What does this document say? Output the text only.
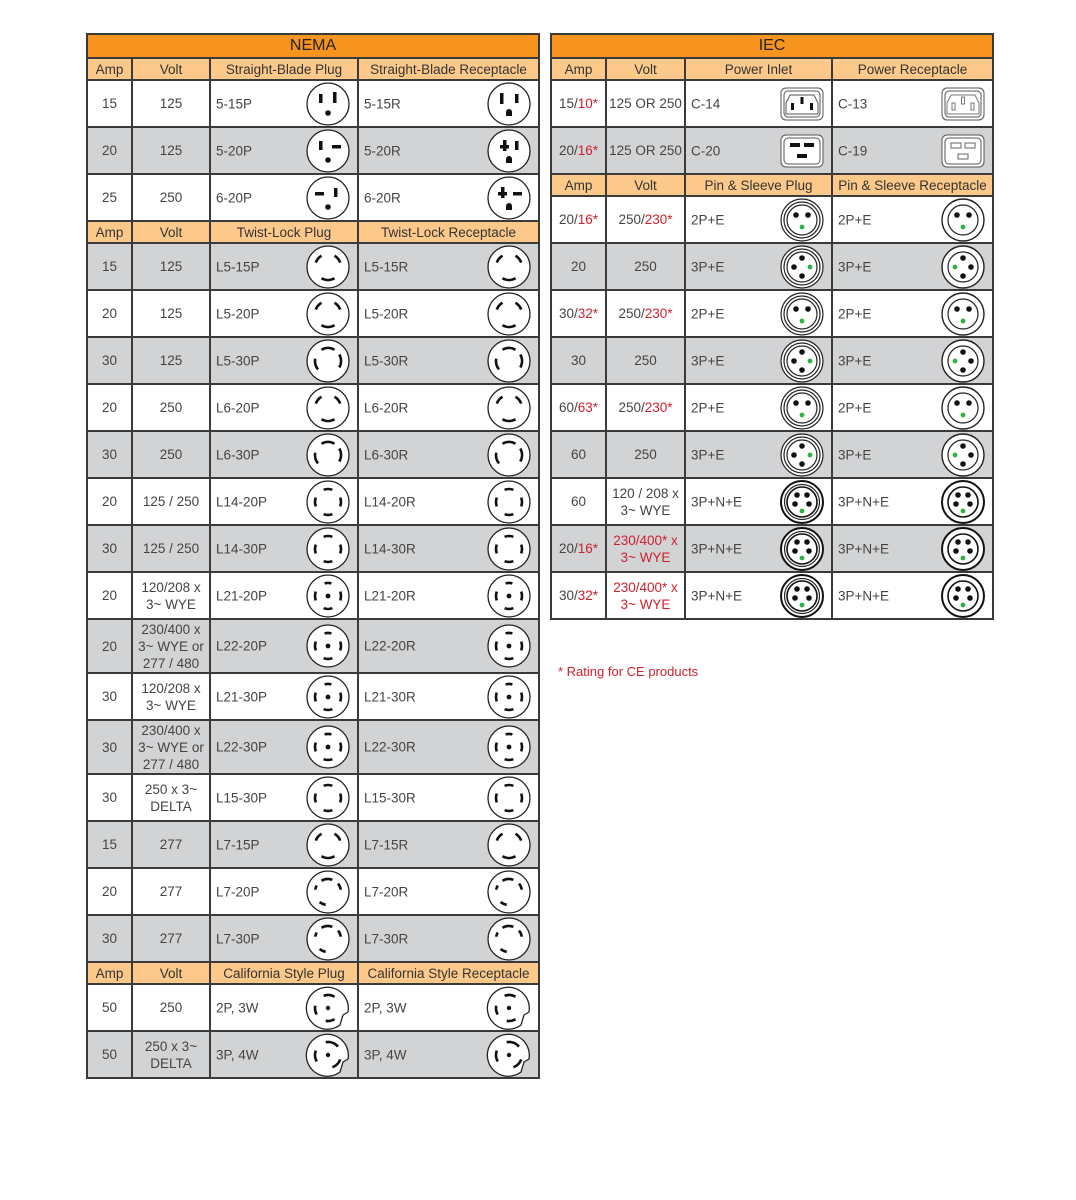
NEMA			
Amp	Volt	Straight-Blade Plug	Straight-Blade Receptacle
15	125	5-15P	5-15R

20	125	5-20P	5-20R

25	250	6-20P	6-20R

Amp	Volt	Twist-Lock Plug	Twist-Lock Receptacle
15	125	L5-15P	L5-15R

20	125	L5-20P	L5-20R

30	125	L5-30P	L5-30R

20	250	L6-20P	L6-20R

30	250	L6-30P	L6-30R

20	125 / 250	L14-20P	L14-20R

30	125 / 250	L14-30P	L14-30R

20	120/208 x 3~ WYE	L21-20P	L21-20R

20	230/400 x 3~ WYE or 277 / 480	L22-20P	L22-20R

30	120/208 x 3~ WYE	L21-30P	L21-30R

30	230/400 x 3~ WYE or 277 / 480	L22-30P	L22-30R

30	250 x 3~ DELTA	L15-30P	L15-30R

15	277	L7-15P	L7-15R

20	277	L7-20P	L7-20R

30	277	L7-30P	L7-30R

Amp	Volt	California Style Plug	California Style Receptacle
50	250	2P, 3W	2P, 3W

50	250 x 3~ DELTA	3P, 4W	3P, 4W
IEC			
Amp	Volt	Power Inlet	Power Receptacle
15/10*	125 OR 250	C-14	C-13

20/16*	125 OR 250	C-20	C-19

Amp	Volt	Pin & Sleeve Plug	Pin & Sleeve Receptacle
20/16*	250/230*	2P+E	2P+E

20	250	3P+E	3P+E

30/32*	250/230*	2P+E	2P+E

30	250	3P+E	3P+E

60/63*	250/230*	2P+E	2P+E

60	250	3P+E	3P+E

60	120 / 208 x 3~ WYE	3P+N+E	3P+N+E

20/16*	230/400* x 3~ WYE	3P+N+E	3P+N+E

30/32*	230/400* x 3~ WYE	3P+N+E	3P+N+E
* Rating for CE products
